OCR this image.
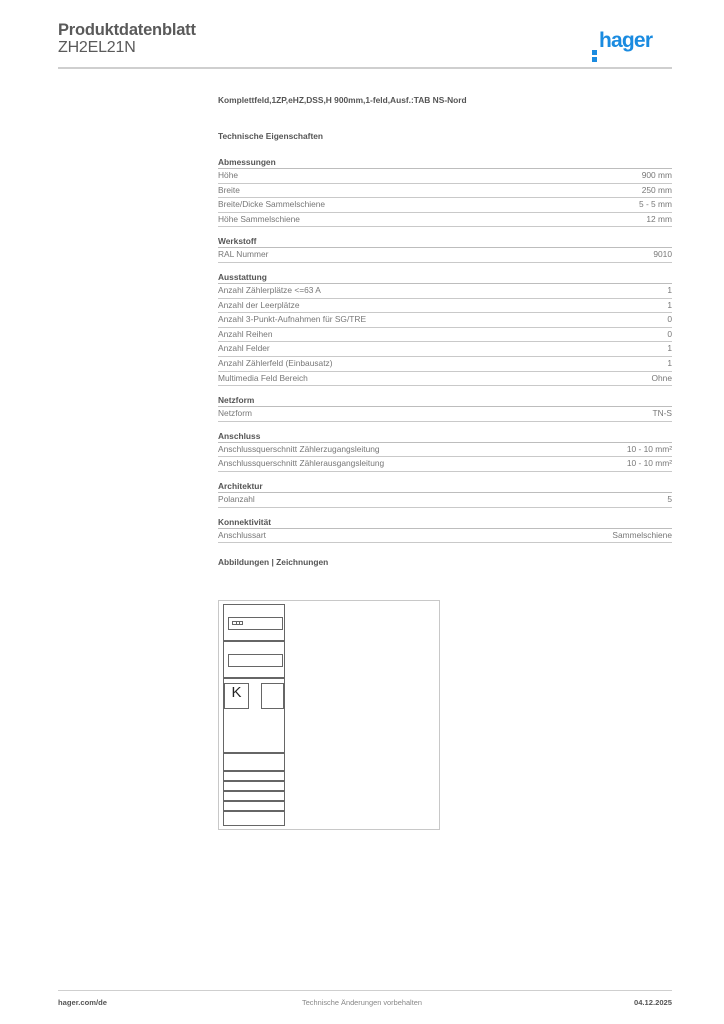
Produktdatenblatt
ZH2EL21N	hager
Komplettfeld,1ZP,eHZ,DSS,H 900mm,1-feld,Ausf.:TAB NS-Nord
Technische Eigenschaften
Abmessungen
Höhe	900 mm
Breite	250 mm
Breite/Dicke Sammelschiene	5 - 5 mm
Höhe Sammelschiene	12 mm
Werkstoff
RAL Nummer	9010
Ausstattung
Anzahl Zählerplätze <=63 A	1
Anzahl der Leerplätze	1
Anzahl 3-Punkt-Aufnahmen für SG/TRE	0
Anzahl Reihen	0
Anzahl Felder	1
Anzahl Zählerfeld (Einbausatz)	1
Multimedia Feld Bereich	Ohne
Netzform
Netzform	TN-S
Anschluss
Anschlussquerschnitt Zählerzugangsleitung	10 - 10 mm²
Anschlussquerschnitt Zählerausgangsleitung	10 - 10 mm²
Architektur
Polanzahl	5
Konnektivität
Anschlussart	Sammelschiene
Abbildungen | Zeichnungen
K
hager.com/de	Technische Änderungen vorbehalten	04.12.2025
